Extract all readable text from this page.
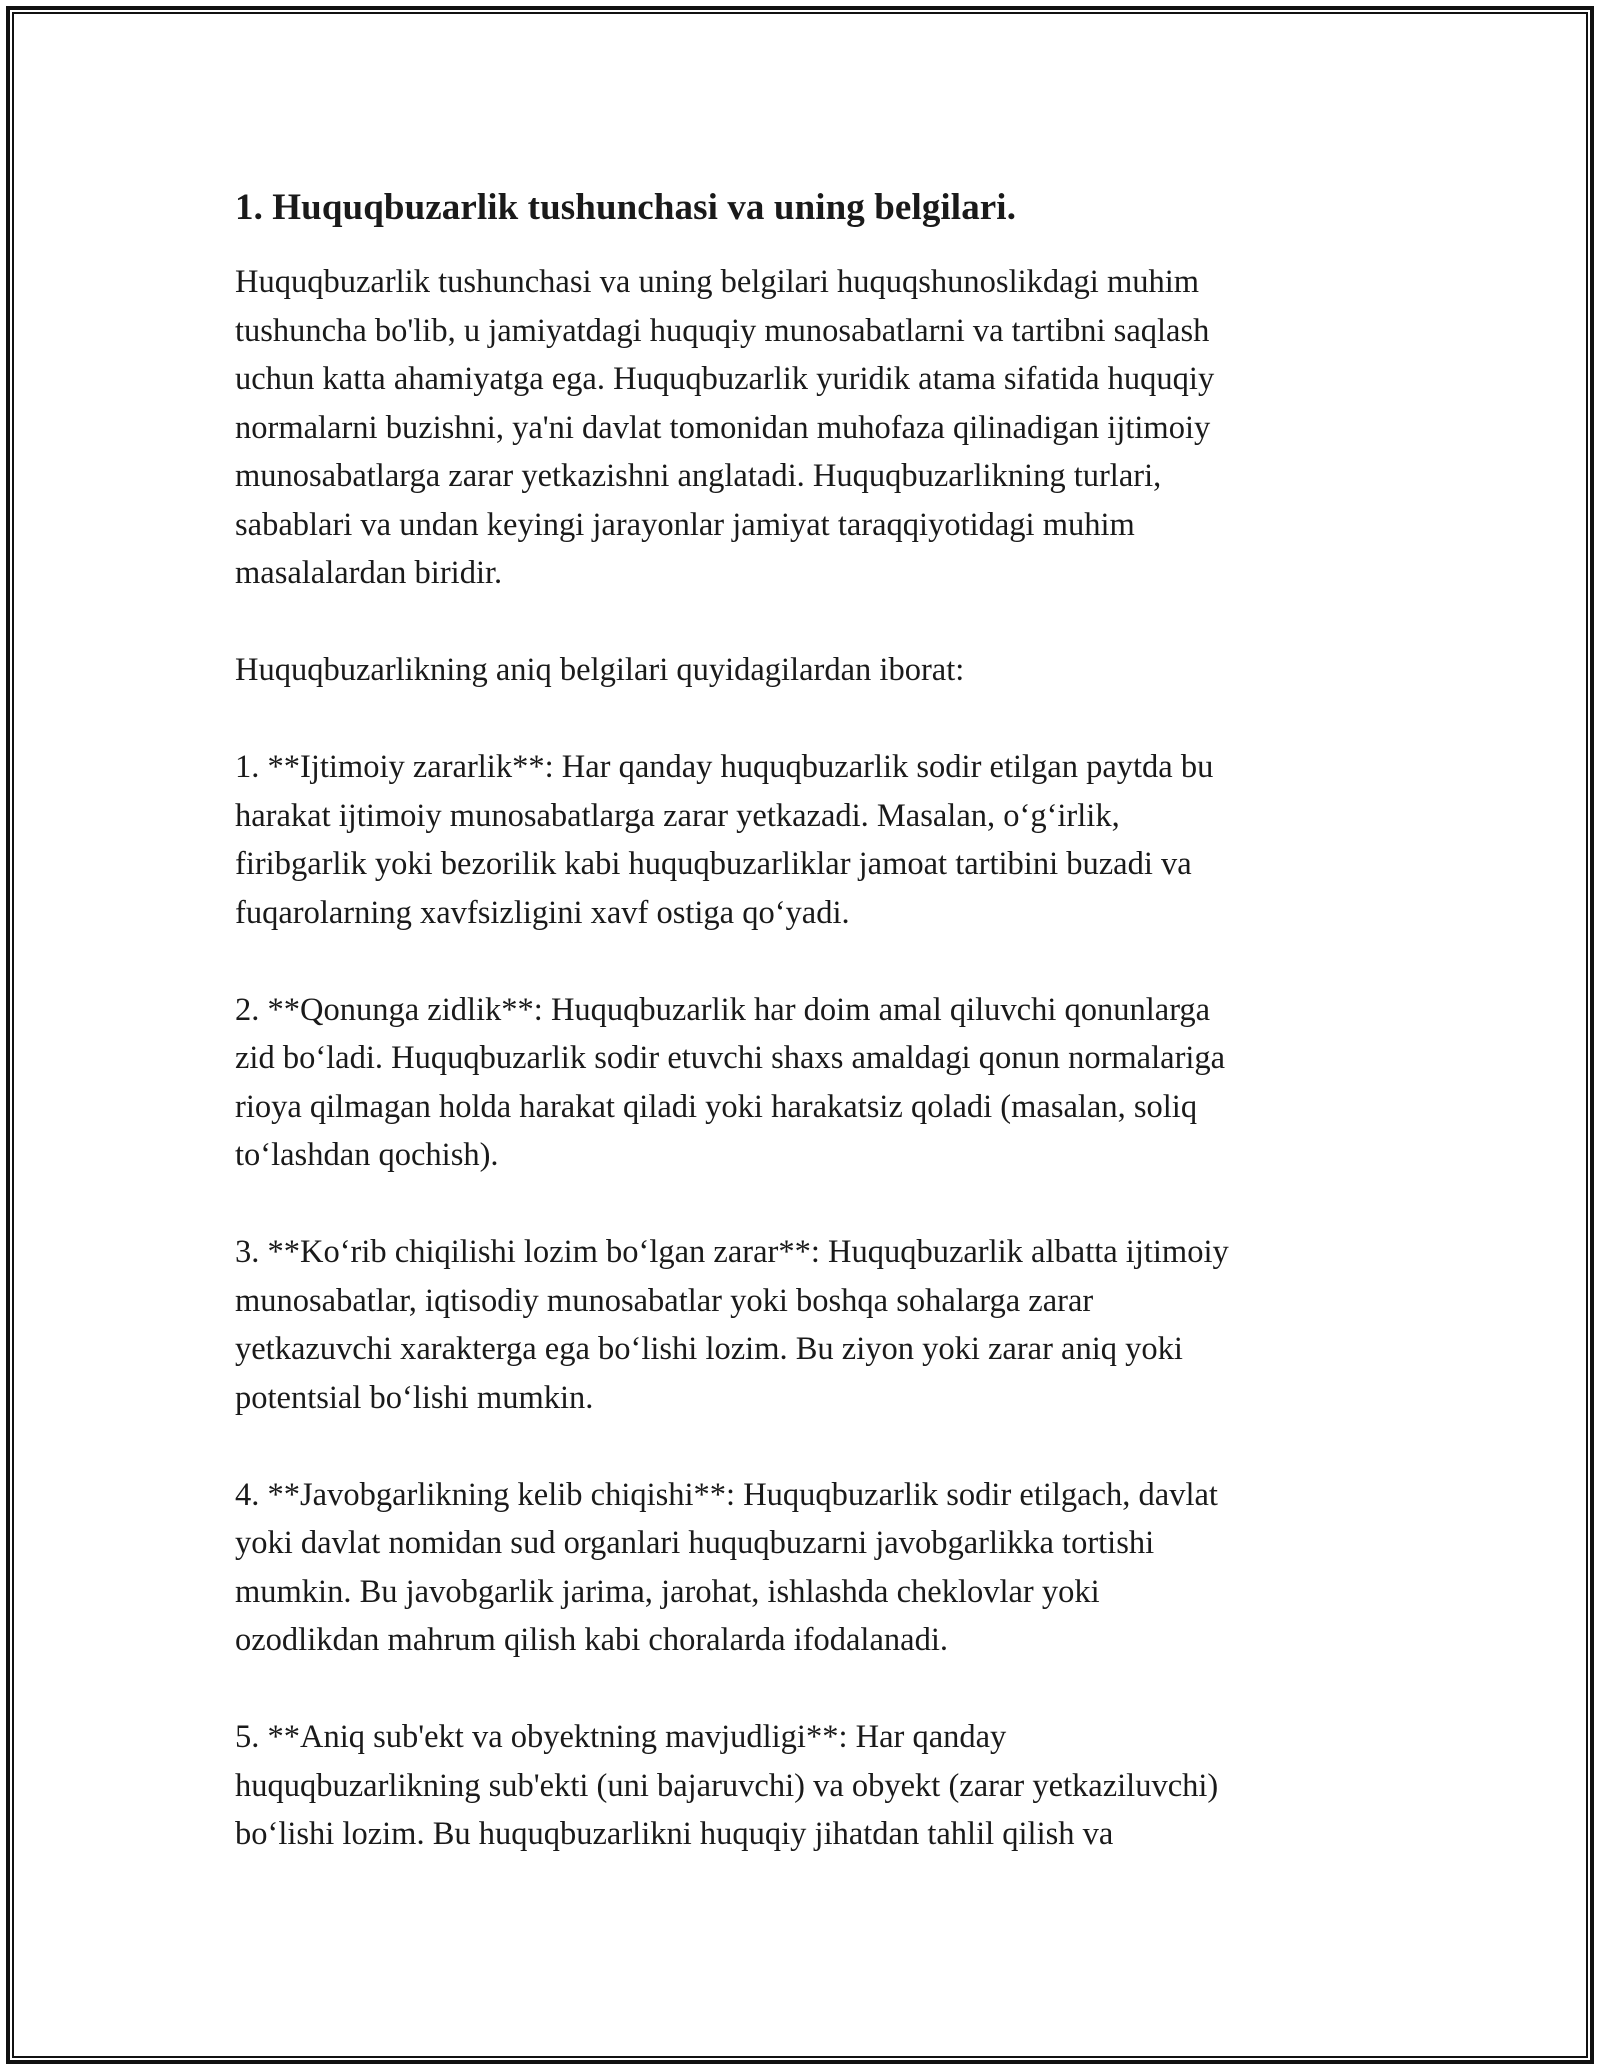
1. Huquqbuzarlik tushunchasi va uning belgilari.

Huquqbuzarlik tushunchasi va uning belgilari huquqshunoslikdagi muhim
tushuncha bo'lib, u jamiyatdagi huquqiy munosabatlarni va tartibni saqlash
uchun katta ahamiyatga ega. Huquqbuzarlik yuridik atama sifatida huquqiy
normalarni buzishni, ya'ni davlat tomonidan muhofaza qilinadigan ijtimoiy
munosabatlarga zarar yetkazishni anglatadi. Huquqbuzarlikning turlari,
sabablari va undan keyingi jarayonlar jamiyat taraqqiyotidagi muhim
masalalardan biridir.

Huquqbuzarlikning aniq belgilari quyidagilardan iborat:

1. **Ijtimoiy zararlik**: Har qanday huquqbuzarlik sodir etilgan paytda bu
harakat ijtimoiy munosabatlarga zarar yetkazadi. Masalan, o‘g‘irlik,
firibgarlik yoki bezorilik kabi huquqbuzarliklar jamoat tartibini buzadi va
fuqarolarning xavfsizligini xavf ostiga qo‘yadi.

2. **Qonunga zidlik**: Huquqbuzarlik har doim amal qiluvchi qonunlarga
zid bo‘ladi. Huquqbuzarlik sodir etuvchi shaxs amaldagi qonun normalariga
rioya qilmagan holda harakat qiladi yoki harakatsiz qoladi (masalan, soliq
to‘lashdan qochish).

3. **Ko‘rib chiqilishi lozim bo‘lgan zarar**: Huquqbuzarlik albatta ijtimoiy
munosabatlar, iqtisodiy munosabatlar yoki boshqa sohalarga zarar
yetkazuvchi xarakterga ega bo‘lishi lozim. Bu ziyon yoki zarar aniq yoki
potentsial bo‘lishi mumkin.

4. **Javobgarlikning kelib chiqishi**: Huquqbuzarlik sodir etilgach, davlat
yoki davlat nomidan sud organlari huquqbuzarni javobgarlikka tortishi
mumkin. Bu javobgarlik jarima, jarohat, ishlashda cheklovlar yoki
ozodlikdan mahrum qilish kabi choralarda ifodalanadi.

5. **Aniq sub'ekt va obyektning mavjudligi**: Har qanday
huquqbuzarlikning sub'ekti (uni bajaruvchi) va obyekt (zarar yetkaziluvchi)
bo‘lishi lozim. Bu huquqbuzarlikni huquqiy jihatdan tahlil qilish va
